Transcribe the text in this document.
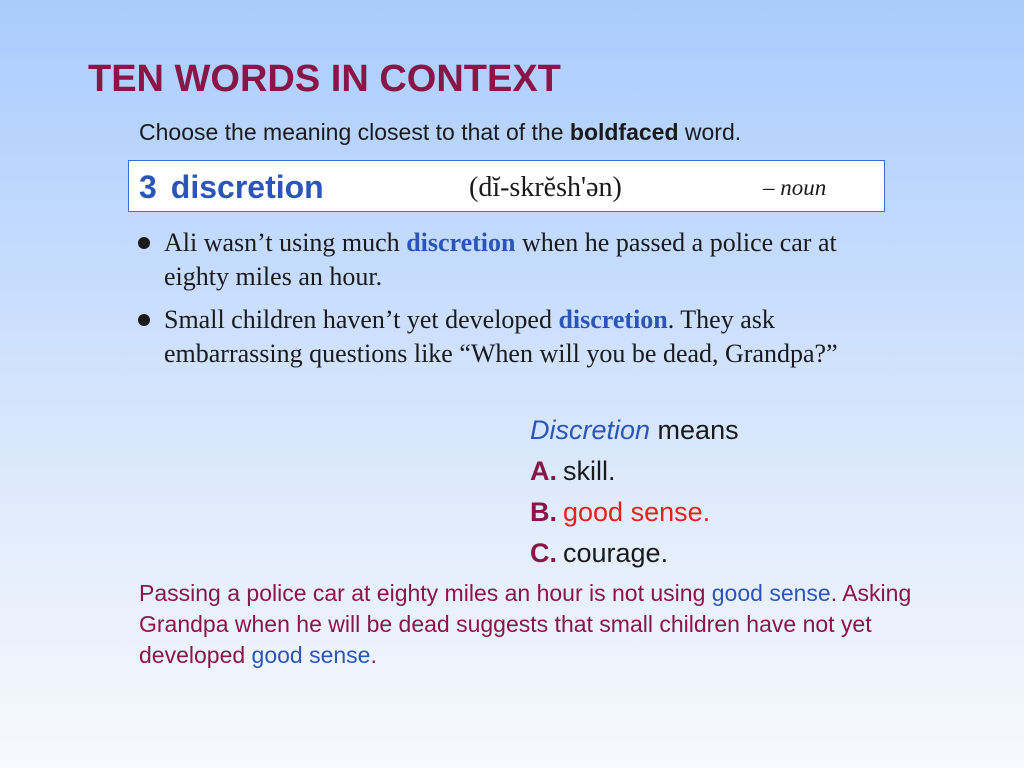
TEN WORDS IN CONTEXT
Choose the meaning closest to that of the boldfaced word.
3 discretion	(dĭ-skrĕsh'ən)	– noun
Ali wasn’t using much discretion when he passed a police car at eighty miles an hour.
Small children haven’t yet developed discretion. They ask embarrassing questions like “When will you be dead, Grandpa?”
Discretion means
A. skill.
B. good sense.
C. courage.
Passing a police car at eighty miles an hour is not using good sense. Asking Grandpa when he will be dead suggests that small children have not yet developed good sense.
